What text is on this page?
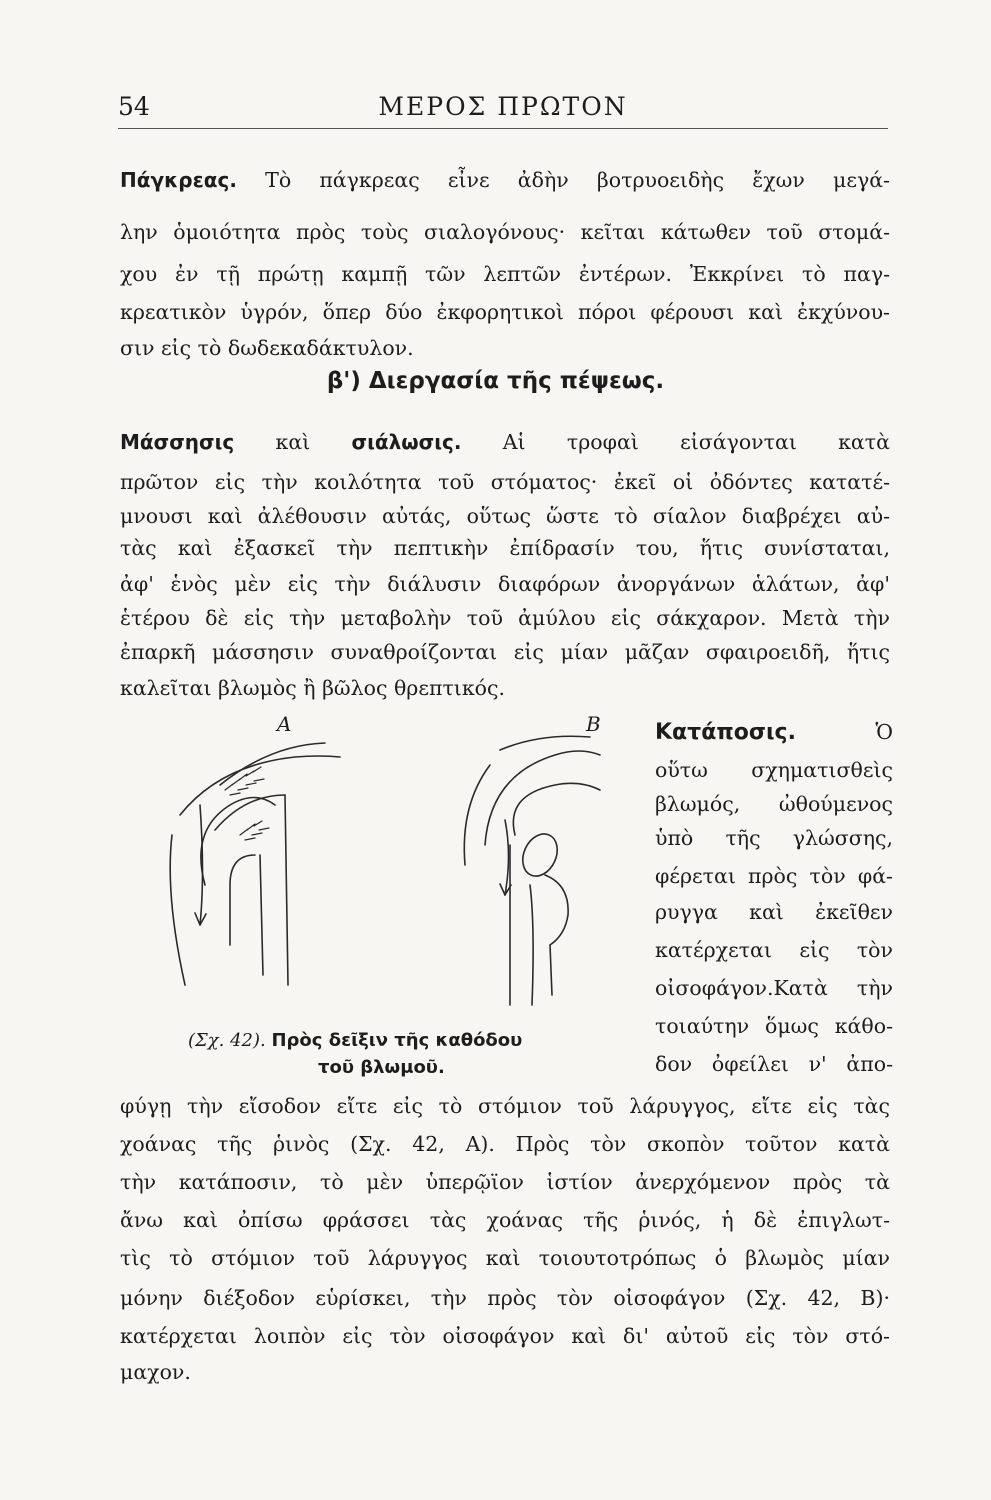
54	ΜΕΡΟΣ ΠΡΩΤΟΝ
Πάγκρεας. Τὸ πάγκρεας εἶνε ἀδὴν βοτρυοειδὴς ἔχων μεγά-
λην ὁμοιότητα πρὸς τοὺς σιαλογόνους· κεῖται κάτωθεν τοῦ στομά-
χου ἐν τῇ πρώτῃ καμπῇ τῶν λεπτῶν ἐντέρων. Ἐκκρίνει τὸ παγ-
κρεατικὸν ὑγρόν, ὅπερ δύο ἐκφορητικοὶ πόροι φέρουσι καὶ ἐκχύνου-
σιν εἰς τὸ δωδεκαδάκτυλον.
β') Διεργασία τῆς πέψεως.
Μάσσησις καὶ σιάλωσις. Αἱ τροφαὶ εἰσάγονται κατὰ
πρῶτον εἰς τὴν κοιλότητα τοῦ στόματος· ἐκεῖ οἱ ὀδόντες κατατέ-
μνουσι καὶ ἀλέθουσιν αὐτάς, οὕτως ὥστε τὸ σίαλον διαβρέχει αὐ-
τὰς καὶ ἐξασκεῖ τὴν πεπτικὴν ἐπίδρασίν του, ἥτις συνίσταται,
ἀφ' ἑνὸς μὲν εἰς τὴν διάλυσιν διαφόρων ἀνοργάνων ἁλάτων, ἀφ'
ἑτέρου δὲ εἰς τὴν μεταβολὴν τοῦ ἀμύλου εἰς σάκχαρον. Μετὰ τὴν
ἐπαρκῆ μάσσησιν συναθροίζονται εἰς μίαν μᾶζαν σφαιροειδῆ, ἥτις
καλεῖται βλωμὸς ἢ βῶλος θρεπτικός.
A	B
(Σχ. 42). Πρὸς δεῖξιν τῆς καθόδου
τοῦ βλωμοῦ.
Κατάποσις.	Ὁ
οὕτω σχηματισθεὶς
βλωμός, ὠθούμενος
ὑπὸ τῆς γλώσσης,
φέρεται πρὸς τὸν φά-
ρυγγα καὶ ἐκεῖθεν
κατέρχεται εἰς τὸν
οἰσοφάγον.Κατὰ τὴν
τοιαύτην ὅμως κάθο-
δον ὀφείλει ν' ἀπο-
φύγῃ τὴν εἴσοδον εἴτε εἰς τὸ στόμιον τοῦ λάρυγγος, εἴτε εἰς τὰς
χοάνας τῆς ῥινὸς (Σχ. 42, Α). Πρὸς τὸν σκοπὸν τοῦτον κατὰ
τὴν κατάποσιν, τὸ μὲν ὑπερῷϊον ἱστίον ἀνερχόμενον πρὸς τὰ
ἄνω καὶ ὀπίσω φράσσει τὰς χοάνας τῆς ῥινός, ἡ δὲ ἐπιγλωτ-
τὶς τὸ στόμιον τοῦ λάρυγγος καὶ τοιουτοτρόπως ὁ βλωμὸς μίαν
μόνην διέξοδον εὑρίσκει, τὴν πρὸς τὸν οἰσοφάγον (Σχ. 42, Β)·
κατέρχεται λοιπὸν εἰς τὸν οἰσοφάγον καὶ δι' αὐτοῦ εἰς τὸν στό-
μαχον.
